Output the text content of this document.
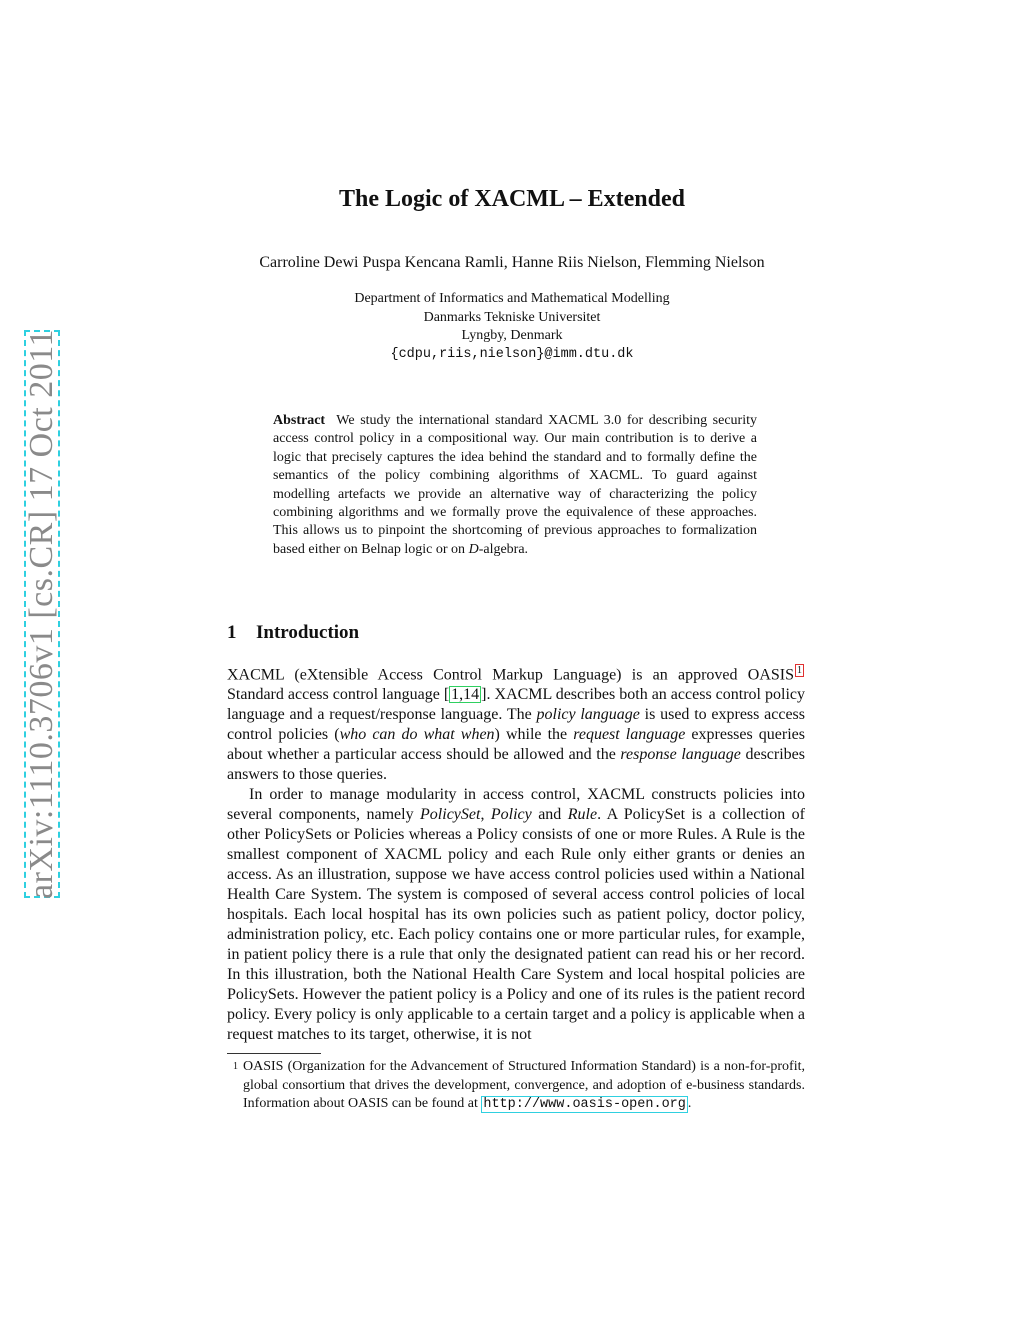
arXiv:1110.3706v1 [cs.CR] 17 Oct 2011
The Logic of XACML – Extended
Carroline Dewi Puspa Kencana Ramli, Hanne Riis Nielson, Flemming Nielson
Department of Informatics and Mathematical Modelling
Danmarks Tekniske Universitet
Lyngby, Denmark
{cdpu,riis,nielson}@imm.dtu.dk
Abstract We study the international standard XACML 3.0 for describing security access control policy in a compositional way. Our main contribution is to derive a logic that precisely captures the idea behind the standard and to formally define the semantics of the policy combining algorithms of XACML. To guard against modelling artefacts we provide an alternative way of characterizing the policy combining algorithms and we formally prove the equivalence of these approaches. This allows us to pinpoint the shortcoming of previous approaches to formalization based either on Belnap logic or on D-algebra.
1 Introduction

XACML (eXtensible Access Control Markup Language) is an approved OASIS 1 Standard access control language [ 1,14 ]. XACML describes both an access control policy language and a request/response language. The policy language is used to express access control policies (who can do what when) while the request language expresses queries about whether a particular access should be allowed and the response language describes answers to those queries.

In order to manage modularity in access control, XACML constructs policies into several components, namely PolicySet, Policy and Rule. A PolicySet is a collection of other PolicySets or Policies whereas a Policy consists of one or more Rules. A Rule is the smallest component of XACML policy and each Rule only either grants or denies an access. As an illustration, suppose we have access control policies used within a National Health Care System. The system is composed of several access control policies of local hospitals. Each local hospital has its own policies such as patient policy, doctor policy, administration policy, etc. Each policy contains one or more particular rules, for example, in patient policy there is a rule that only the designated patient can read his or her record. In this illustration, both the National Health Care System and local hospital policies are PolicySets. However the patient policy is a Policy and one of its rules is the patient record policy. Every policy is only applicable to a certain target and a policy is applicable when a request matches to its target, otherwise, it is not

1 OASIS (Organization for the Advancement of Structured Information Standard) is a non-for-profit, global consortium that drives the development, convergence, and adoption of e-business standards. Information about OASIS can be found at http://www.oasis-open.org .
